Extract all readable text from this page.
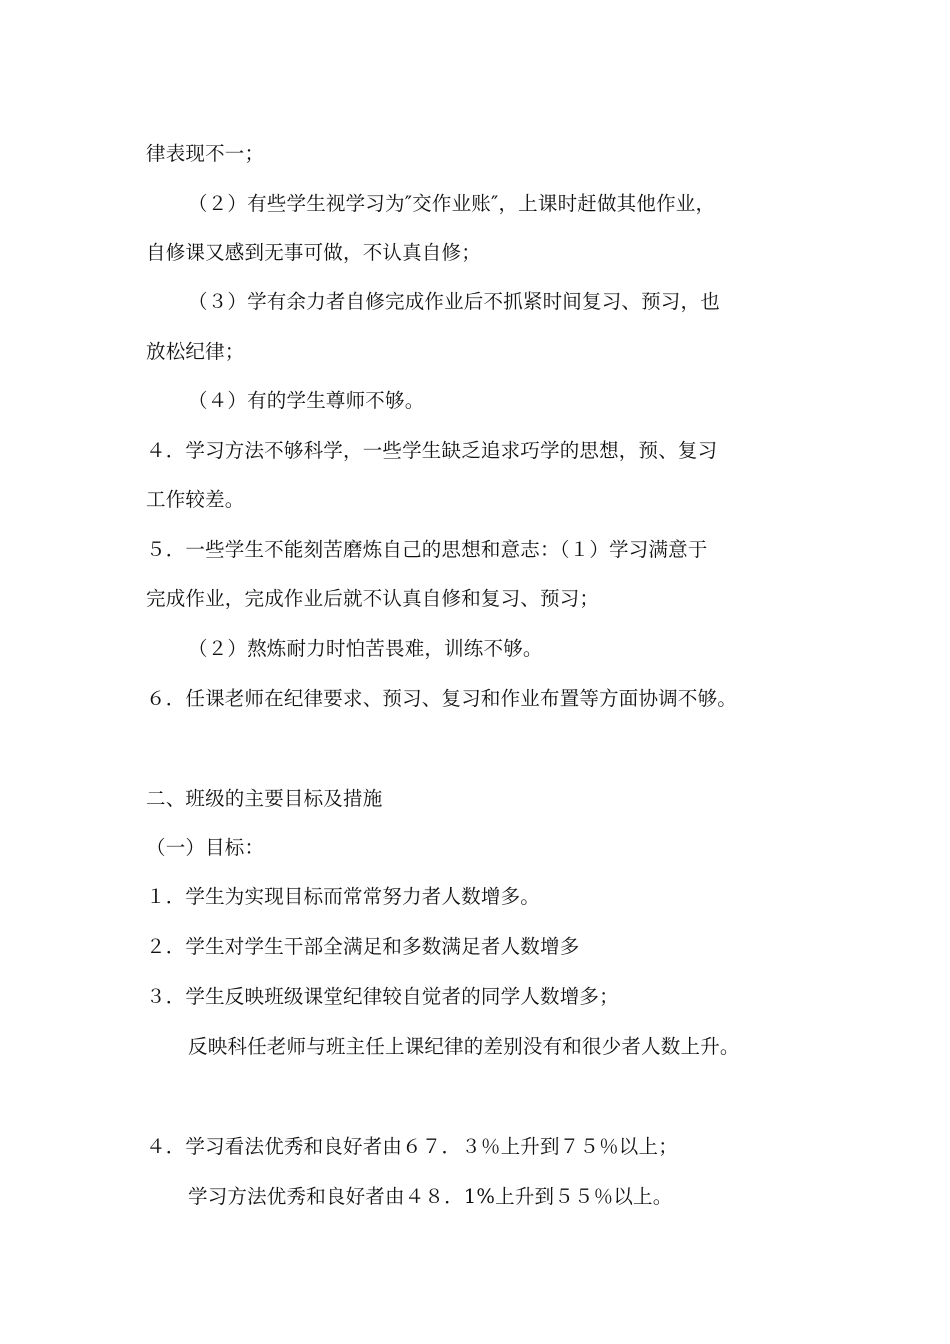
律表现不一；
（２）有些学生视学习为″交作业账″，上课时赶做其他作业，
自修课又感到无事可做，不认真自修；
（３）学有余力者自修完成作业后不抓紧时间复习、预习，也
放松纪律；
（４）有的学生尊师不够。
４．学习方法不够科学，一些学生缺乏追求巧学的思想，预、复习
工作较差。
５．一些学生不能刻苦磨炼自己的思想和意志：（１）学习满意于
完成作业，完成作业后就不认真自修和复习、预习；
（２）熬炼耐力时怕苦畏难，训练不够。
６．任课老师在纪律要求、预习、复习和作业布置等方面协调不够。
二、班级的主要目标及措施
（一）目标：
１．学生为实现目标而常常努力者人数增多。
２．学生对学生干部全满足和多数满足者人数增多
３．学生反映班级课堂纪律较自觉者的同学人数增多；
反映科任老师与班主任上课纪律的差别没有和很少者人数上升。
４．学习看法优秀和良好者由６７．３％上升到７５％以上；
学习方法优秀和良好者由４８．1%上升到５５％以上。
